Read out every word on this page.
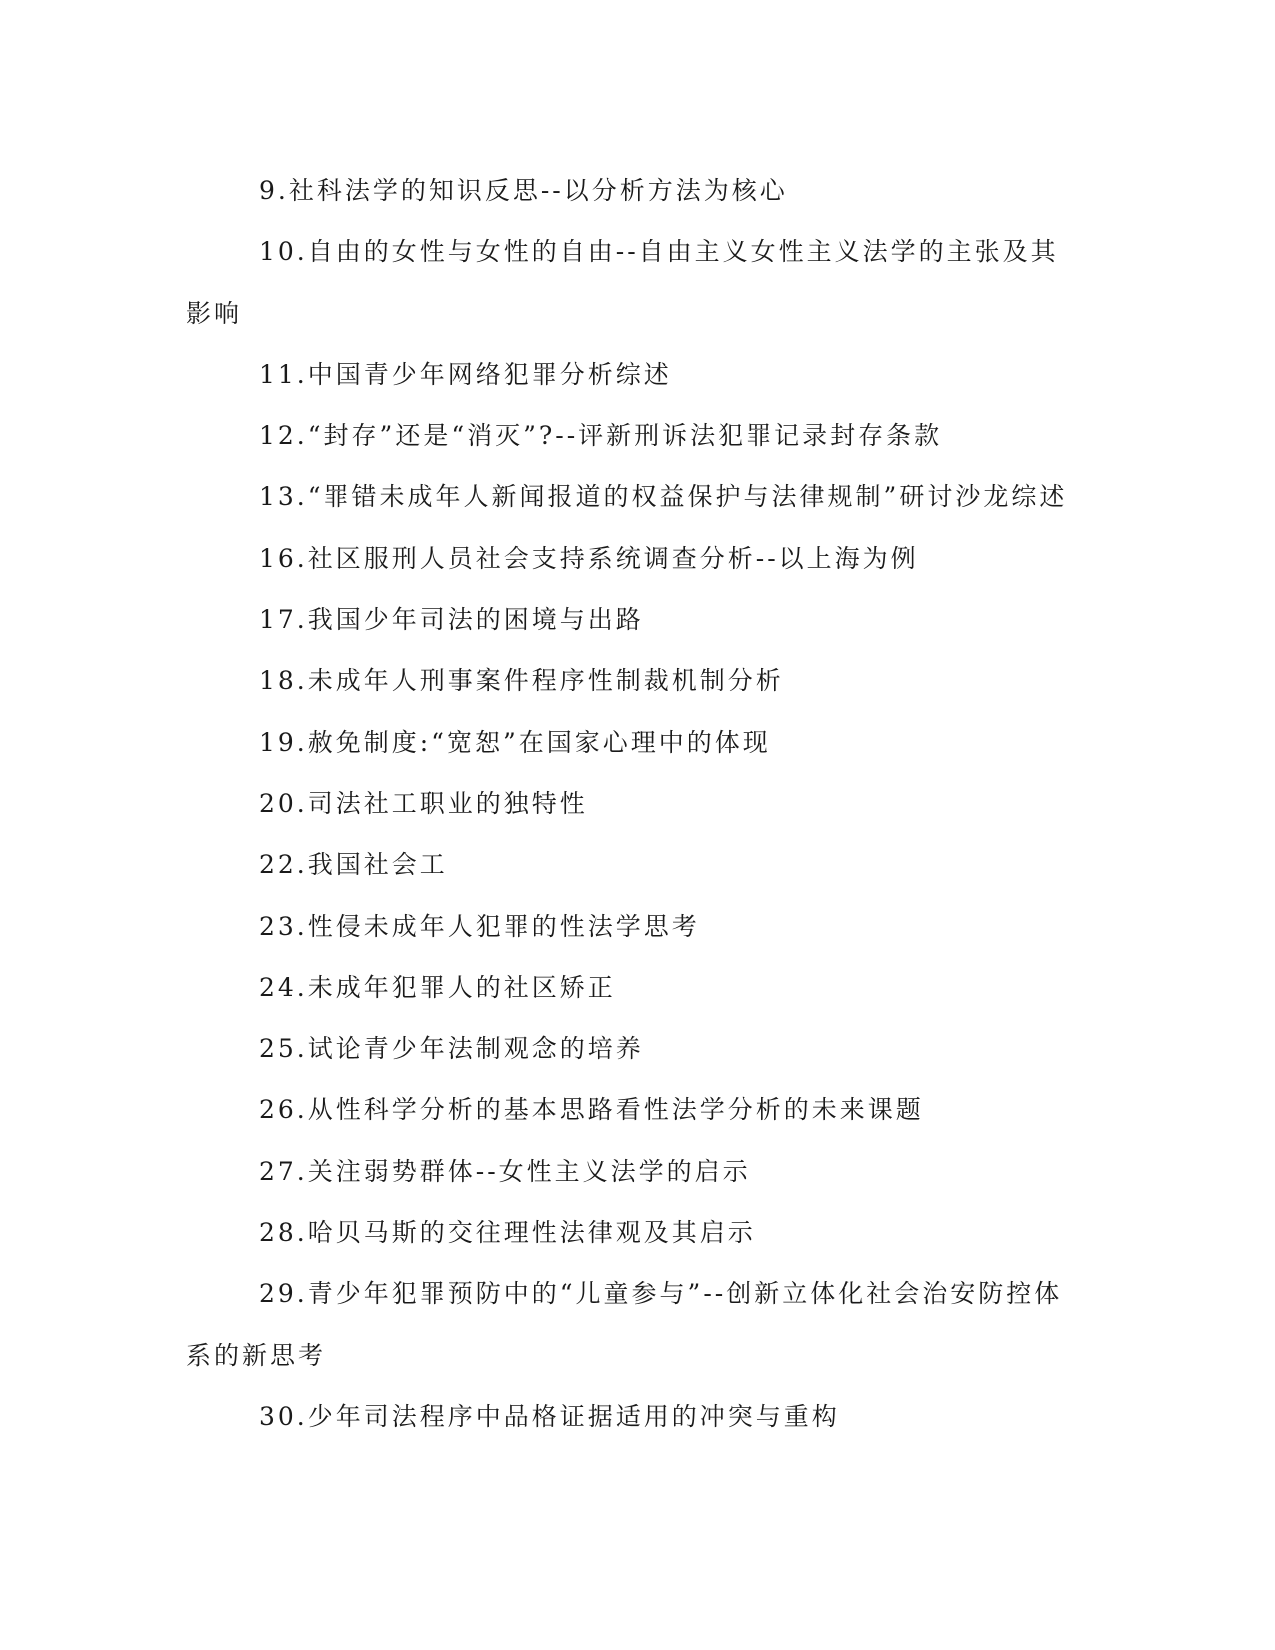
9.社科法学的知识反思--以分析方法为核心

10.自由的女性与女性的自由--自由主义女性主义法学的主张及其影响

11.中国青少年网络犯罪分析综述

12.“封存”还是“消灭”?--评新刑诉法犯罪记录封存条款

13.“罪错未成年人新闻报道的权益保护与法律规制”研讨沙龙综述

16.社区服刑人员社会支持系统调查分析--以上海为例

17.我国少年司法的困境与出路

18.未成年人刑事案件程序性制裁机制分析

19.赦免制度:“宽恕”在国家心理中的体现

20.司法社工职业的独特性

22.我国社会工

23.性侵未成年人犯罪的性法学思考

24.未成年犯罪人的社区矫正

25.试论青少年法制观念的培养

26.从性科学分析的基本思路看性法学分析的未来课题

27.关注弱势群体--女性主义法学的启示

28.哈贝马斯的交往理性法律观及其启示

29.青少年犯罪预防中的“儿童参与”--创新立体化社会治安防控体系的新思考

30.少年司法程序中品格证据适用的冲突与重构
